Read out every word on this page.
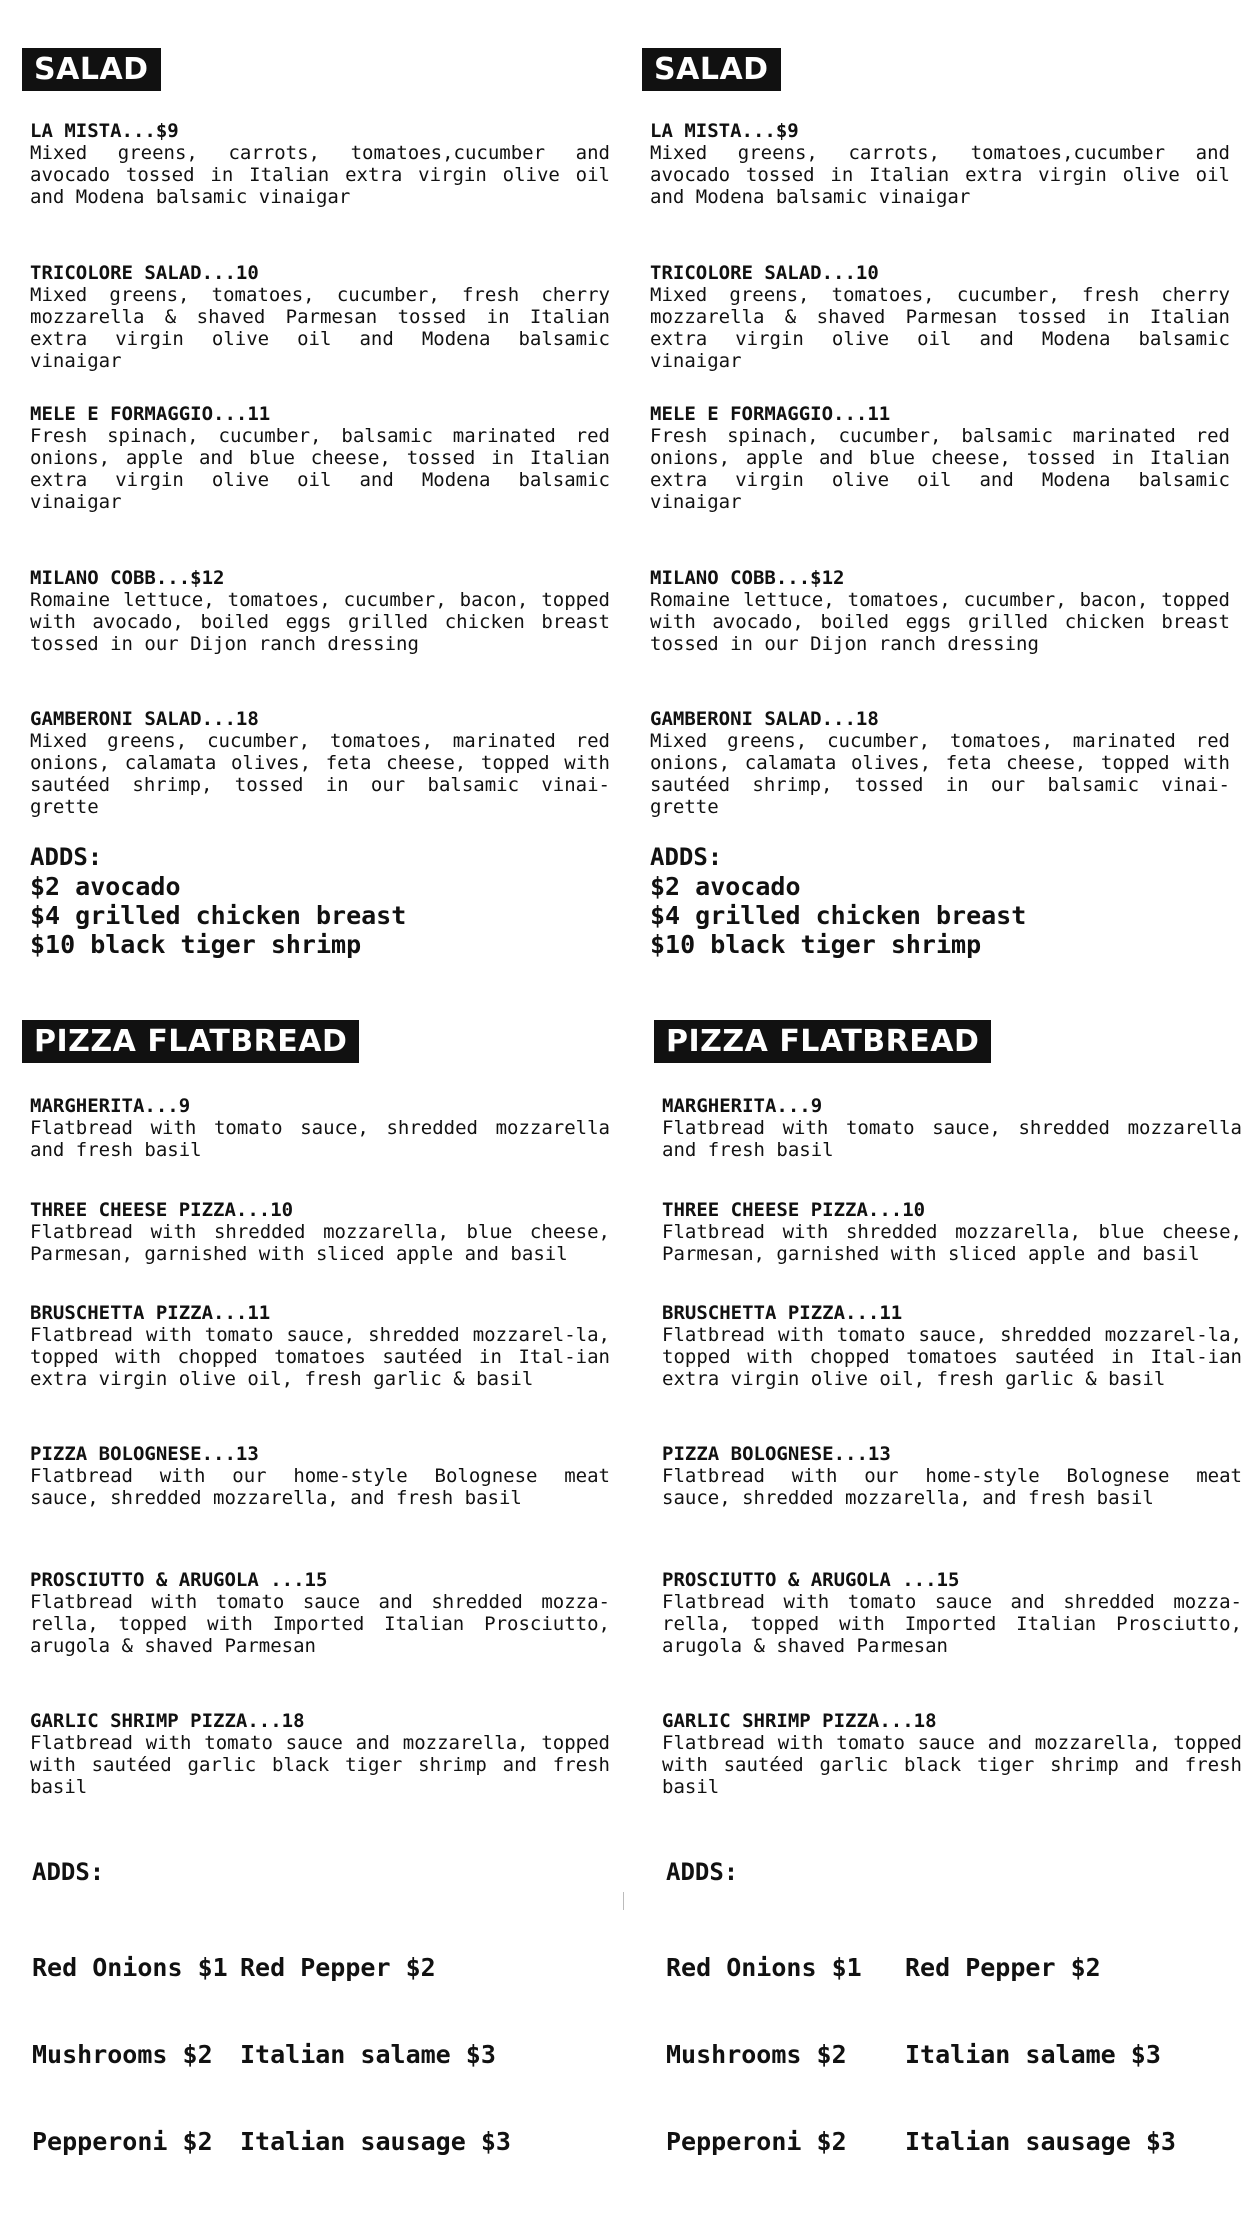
SALAD
LA MISTA...$9
Mixed greens, carrots, tomatoes,cucumber and avocado tossed in Italian extra virgin olive oil and Modena balsamic vinaigar
TRICOLORE SALAD...10
Mixed greens, tomatoes, cucumber, fresh cherry mozzarella & shaved Parmesan tossed in Italian extra virgin olive oil and Modena balsamic vinaigar
MELE E FORMAGGIO...11
Fresh spinach, cucumber, balsamic marinated red onions, apple and blue cheese, tossed in Italian extra virgin olive oil and Modena balsamic vinaigar
MILANO COBB...$12
Romaine lettuce, tomatoes, cucumber, bacon, topped with avocado, boiled eggs grilled chicken breast tossed in our Dijon ranch dressing
GAMBERONI SALAD...18
Mixed greens, cucumber, tomatoes, marinated red onions, calamata olives, feta cheese, topped with sautéed shrimp, tossed in our balsamic vinai-grette
ADDS:
$2 avocado
$4 grilled chicken breast
$10 black tiger shrimp
PIZZA FLATBREAD
MARGHERITA...9
Flatbread with tomato sauce, shredded mozzarella and fresh basil
THREE CHEESE PIZZA...10
Flatbread with shredded mozzarella, blue cheese, Parmesan, garnished with sliced apple and basil
BRUSCHETTA PIZZA...11
Flatbread with tomato sauce, shredded mozzarel-la, topped with chopped tomatoes sautéed in Ital-ian extra virgin olive oil, fresh garlic & basil
PIZZA BOLOGNESE...13
Flatbread with our home-style Bolognese meat sauce, shredded mozzarella, and fresh basil
PROSCIUTTO & ARUGOLA ...15
Flatbread with tomato sauce and shredded mozza-rella, topped with Imported Italian Prosciutto, arugola & shaved Parmesan
GARLIC SHRIMP PIZZA...18
Flatbread with tomato sauce and mozzarella, topped with sautéed garlic black tiger shrimp and fresh basil
ADDS:

Red Onions $1

Mushrooms $2

Pepperoni $2

Red Pepper $2

Italian salame $3

Italian sausage $3

SALAD
LA MISTA...$9
Mixed greens, carrots, tomatoes,cucumber and avocado tossed in Italian extra virgin olive oil and Modena balsamic vinaigar
TRICOLORE SALAD...10
Mixed greens, tomatoes, cucumber, fresh cherry mozzarella & shaved Parmesan tossed in Italian extra virgin olive oil and Modena balsamic vinaigar
MELE E FORMAGGIO...11
Fresh spinach, cucumber, balsamic marinated red onions, apple and blue cheese, tossed in Italian extra virgin olive oil and Modena balsamic vinaigar
MILANO COBB...$12
Romaine lettuce, tomatoes, cucumber, bacon, topped with avocado, boiled eggs grilled chicken breast tossed in our Dijon ranch dressing
GAMBERONI SALAD...18
Mixed greens, cucumber, tomatoes, marinated red onions, calamata olives, feta cheese, topped with sautéed shrimp, tossed in our balsamic vinai-grette
ADDS:
$2 avocado
$4 grilled chicken breast
$10 black tiger shrimp
PIZZA FLATBREAD
MARGHERITA...9
Flatbread with tomato sauce, shredded mozzarella and fresh basil
THREE CHEESE PIZZA...10
Flatbread with shredded mozzarella, blue cheese, Parmesan, garnished with sliced apple and basil
BRUSCHETTA PIZZA...11
Flatbread with tomato sauce, shredded mozzarel-la, topped with chopped tomatoes sautéed in Ital-ian extra virgin olive oil, fresh garlic & basil
PIZZA BOLOGNESE...13
Flatbread with our home-style Bolognese meat sauce, shredded mozzarella, and fresh basil
PROSCIUTTO & ARUGOLA ...15
Flatbread with tomato sauce and shredded mozza-rella, topped with Imported Italian Prosciutto, arugola & shaved Parmesan
GARLIC SHRIMP PIZZA...18
Flatbread with tomato sauce and mozzarella, topped with sautéed garlic black tiger shrimp and fresh basil
ADDS:

Red Onions $1

Mushrooms $2

Pepperoni $2

Red Pepper $2

Italian salame $3

Italian sausage $3
